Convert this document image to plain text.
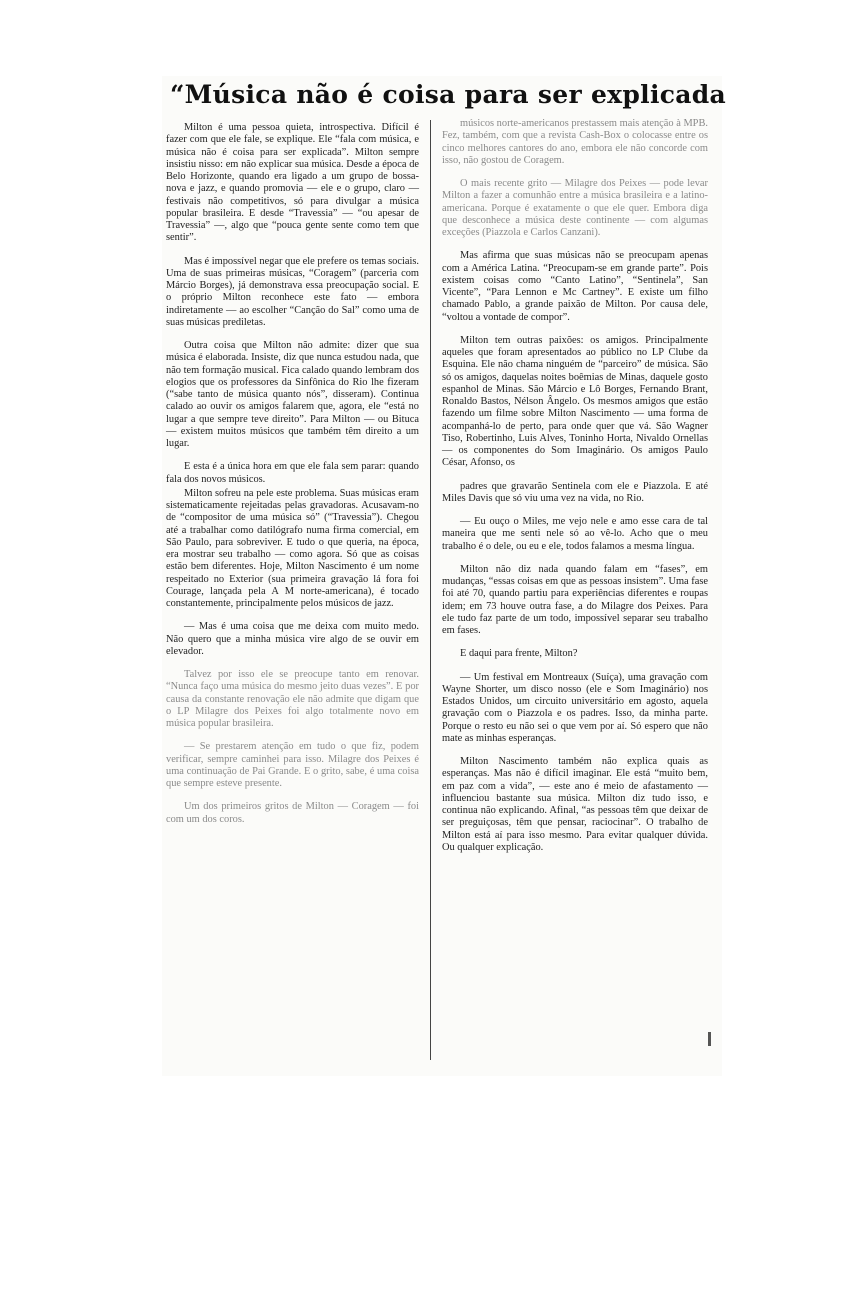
“Música não é coisa para ser explicada

Milton é uma pessoa quieta, introspectiva. Difícil é fazer com que ele fale, se explique. Ele “fala com música, e música não é coisa para ser explicada”. Milton sempre insistiu nisso: em não explicar sua música. Desde a época de Belo Horizonte, quando era ligado a um grupo de bossa-nova e jazz, e quando promovia — ele e o grupo, claro — festivais não competitivos, só para divulgar a música popular brasileira. E desde “Travessia” — “ou apesar de Travessia” —, algo que “pouca gente sente como tem que sentir”.

Mas é impossível negar que ele prefere os temas sociais. Uma de suas primeiras músicas, “Coragem” (parceria com Márcio Borges), já demonstrava essa preocupação social. E o próprio Milton reconhece este fato — embora indiretamente — ao escolher “Canção do Sal” como uma de suas músicas prediletas.

Outra coisa que Milton não admite: dizer que sua música é elaborada. Insiste, diz que nunca estudou nada, que não tem formação musical. Fica calado quando lembram dos elogios que os professores da Sinfônica do Rio lhe fizeram (“sabe tanto de música quanto nós”, disseram). Continua calado ao ouvir os amigos falarem que, agora, ele “está no lugar a que sempre teve direito”. Para Milton — ou Bituca — existem muitos músicos que também têm direito a um lugar.

E esta é a única hora em que ele fala sem parar: quando fala dos novos músicos.

Milton sofreu na pele este problema. Suas músicas eram sistematicamente rejeitadas pelas gravadoras. Acusavam-no de “compositor de uma música só” (“Travessia”). Chegou até a trabalhar como datilógrafo numa firma comercial, em São Paulo, para sobreviver. E tudo o que queria, na época, era mostrar seu trabalho — como agora. Só que as coisas estão bem diferentes. Hoje, Milton Nascimento é um nome respeitado no Exterior (sua primeira gravação lá fora foi Courage, lançada pela A M norte-americana), é tocado constantemente, principalmente pelos músicos de jazz.

— Mas é uma coisa que me deixa com muito medo. Não quero que a minha música vire algo de se ouvir em elevador.

Talvez por isso ele se preocupe tanto em renovar. “Nunca faço uma música do mesmo jeito duas vezes”. E por causa da constante renovação ele não admite que digam que o LP Milagre dos Peixes foi algo totalmente novo em música popular brasileira.

— Se prestarem atenção em tudo o que fiz, podem verificar, sempre caminhei para isso. Milagre dos Peixes é uma continuação de Pai Grande. E o grito, sabe, é uma coisa que sempre esteve presente.

Um dos primeiros gritos de Milton — Coragem — foi com um dos coros.

músicos norte-americanos prestassem mais atenção à MPB. Fez, também, com que a revista Cash-Box o colocasse entre os cinco melhores cantores do ano, embora ele não concorde com isso, não gostou de Coragem.

O mais recente grito — Milagre dos Peixes — pode levar Milton a fazer a comunhão entre a música brasileira e a latino-americana. Porque é exatamente o que ele quer. Embora diga que desconhece a música deste continente — com algumas exceções (Piazzola e Carlos Canzani).

Mas afirma que suas músicas não se preocupam apenas com a América Latina. “Preocupam-se em grande parte”. Pois existem coisas como “Canto Latino”, “Sentinela”, San Vicente”, “Para Lennon e Mc Cartney”. E existe um filho chamado Pablo, a grande paixão de Milton. Por causa dele, “voltou a vontade de compor”.

Milton tem outras paixões: os amigos. Principalmente aqueles que foram apresentados ao público no LP Clube da Esquina. Ele não chama ninguém de “parceiro” de música. São só os amigos, daquelas noites boêmias de Minas, daquele gosto espanhol de Minas. São Márcio e Lô Borges, Fernando Brant, Ronaldo Bastos, Nélson Ângelo. Os mesmos amigos que estão fazendo um filme sobre Milton Nascimento — uma forma de acompanhá-lo de perto, para onde quer que vá. São Wagner Tiso, Robertinho, Luis Alves, Toninho Horta, Nivaldo Ornellas — os componentes do Som Imaginário. Os amigos Paulo César, Afonso, os

padres que gravarão Sentinela com ele e Piazzola. E até Miles Davis que só viu uma vez na vida, no Rio.

— Eu ouço o Miles, me vejo nele e amo esse cara de tal maneira que me senti nele só ao vê-lo. Acho que o meu trabalho é o dele, ou eu e ele, todos falamos a mesma língua.

Milton não diz nada quando falam em “fases”, em mudanças, “essas coisas em que as pessoas insistem”. Uma fase foi até 70, quando partiu para experiências diferentes e roupas idem; em 73 houve outra fase, a do Milagre dos Peixes. Para ele tudo faz parte de um todo, impossível separar seu trabalho em fases.

E daqui para frente, Milton?

— Um festival em Montreaux (Suíça), uma gravação com Wayne Shorter, um disco nosso (ele e Som Imaginário) nos Estados Unidos, um circuito universitário em agosto, aquela gravação com o Piazzola e os padres. Isso, da minha parte. Porque o resto eu não sei o que vem por aí. Só espero que não mate as minhas esperanças.

Milton Nascimento também não explica quais as esperanças. Mas não é difícil imaginar. Ele está “muito bem, em paz com a vida”, — este ano é meio de afastamento — influenciou bastante sua música. Milton diz tudo isso, e continua não explicando. Afinal, “as pessoas têm que deixar de ser preguiçosas, têm que pensar, raciocinar”. O trabalho de Milton está aí para isso mesmo. Para evitar qualquer dúvida. Ou qualquer explicação.
